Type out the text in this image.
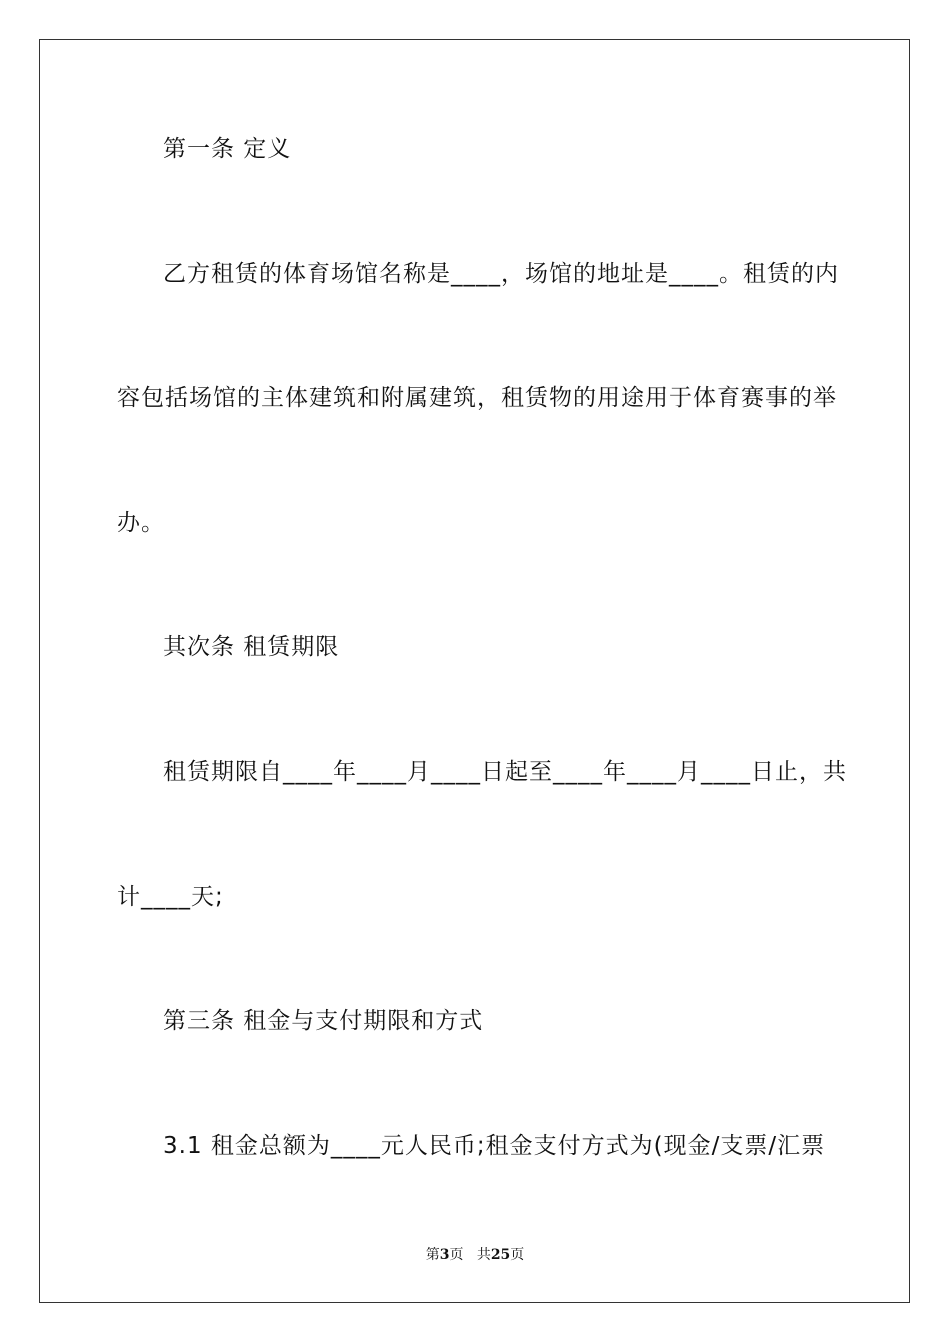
第一条 定义
乙方租赁的体育场馆名称是____，场馆的地址是____。租赁的内
容包括场馆的主体建筑和附属建筑，租赁物的用途用于体育赛事的举
办。
其次条 租赁期限
租赁期限自____年____月____日起至____年____月____日止，共
计____天;
第三条 租金与支付期限和方式
3.1 租金总额为____元人民币;租金支付方式为(现金/支票/汇票
第3页 共25页
